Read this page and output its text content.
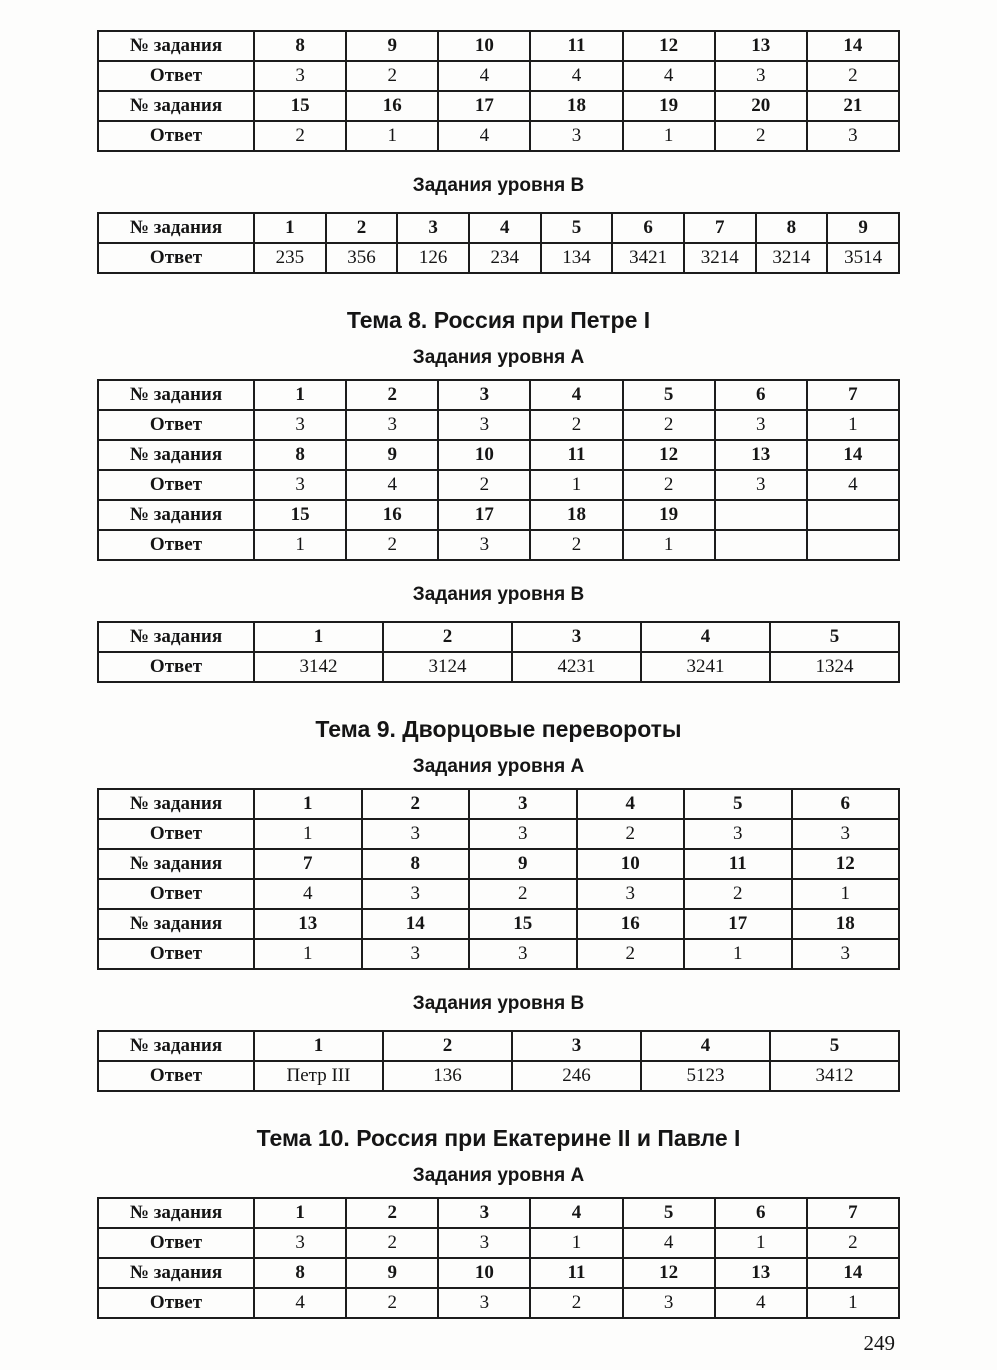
№ задания	8	9	10	11	12	13	14
Ответ	3	2	4	4	4	3	2
№ задания	15	16	17	18	19	20	21
Ответ	2	1	4	3	1	2	3
Задания уровня В
№ задания	1	2	3	4	5	6	7	8	9
Ответ	235	356	126	234	134	3421	3214	3214	3514
Тема 8. Россия при Петре I
Задания уровня А
№ задания	1	2	3	4	5	6	7
Ответ	3	3	3	2	2	3	1
№ задания	8	9	10	11	12	13	14
Ответ	3	4	2	1	2	3	4
№ задания	15	16	17	18	19		
Ответ	1	2	3	2	1		
Задания уровня В
№ задания	1	2	3	4	5
Ответ	3142	3124	4231	3241	1324
Тема 9. Дворцовые перевороты
Задания уровня А
№ задания	1	2	3	4	5	6
Ответ	1	3	3	2	3	3
№ задания	7	8	9	10	11	12
Ответ	4	3	2	3	2	1
№ задания	13	14	15	16	17	18
Ответ	1	3	3	2	1	3
Задания уровня В
№ задания	1	2	3	4	5
Ответ	Петр III	136	246	5123	3412
Тема 10. Россия при Екатерине II и Павле I
Задания уровня А
№ задания	1	2	3	4	5	6	7
Ответ	3	2	3	1	4	1	2
№ задания	8	9	10	11	12	13	14
Ответ	4	2	3	2	3	4	1
249
